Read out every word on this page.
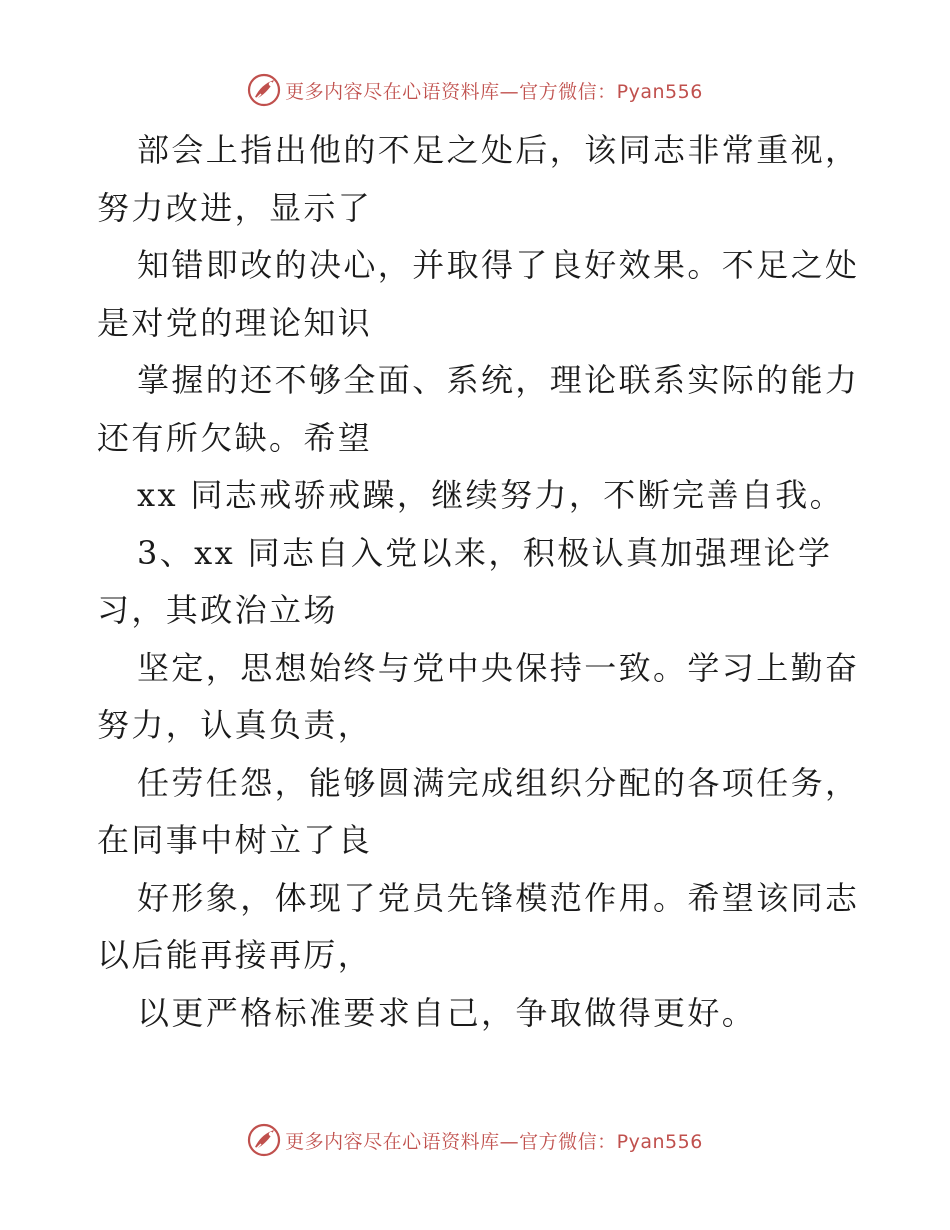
更多内容尽在心语资料库—官方微信：Pyan556

部会上指出他的不足之处后，该同志非常重视，

努力改进，显示了

知错即改的决心，并取得了良好效果。不足之处

是对党的理论知识

掌握的还不够全面、系统，理论联系实际的能力

还有所欠缺。希望

xx 同志戒骄戒躁，继续努力，不断完善自我。

3、xx 同志自入党以来，积极认真加强理论学

习，其政治立场

坚定，思想始终与党中央保持一致。学习上勤奋

努力，认真负责，

任劳任怨，能够圆满完成组织分配的各项任务，

在同事中树立了良

好形象，体现了党员先锋模范作用。希望该同志

以后能再接再厉，

以更严格标准要求自己，争取做得更好。

更多内容尽在心语资料库—官方微信：Pyan556
